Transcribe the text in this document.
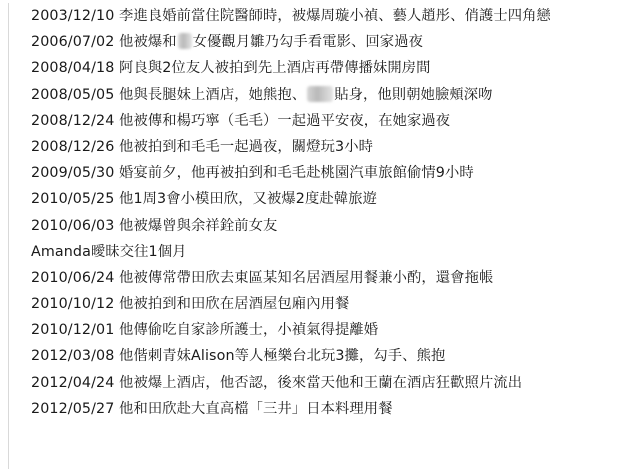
2003/12/10 李進良婚前當住院醫師時，被爆周璇小禎、藝人趙彤、俏護士四角戀
2006/07/02 他被爆和 女優觀月雛乃勾手看電影、回家過夜
2008/04/18 阿良與2位友人被拍到先上酒店再帶傳播妹開房間
2008/05/05 他與長腿妹上酒店，她熊抱、 貼身，他則朝她臉頰深吻
2008/12/24 他被傳和楊巧寧（毛毛）一起過平安夜，在她家過夜
2008/12/26 他被拍到和毛毛一起過夜，關燈玩3小時
2009/05/30 婚宴前夕，他再被拍到和毛毛赴桃園汽車旅館偷情9小時
2010/05/25 他1周3會小模田欣，又被爆2度赴韓旅遊
2010/06/03 他被爆曾與余祥銓前女友
Amanda曖昧交往1個月
2010/06/24 他被傳常帶田欣去東區某知名居酒屋用餐兼小酌，還會拖帳
2010/10/12 他被拍到和田欣在居酒屋包廂內用餐
2010/12/01 他傳偷吃自家診所護士，小禎氣得提離婚
2012/03/08 他偕刺青妹Alison等人極樂台北玩3攤，勾手、熊抱
2012/04/24 他被爆上酒店，他否認，後來當天他和王蘭在酒店狂歡照片流出
2012/05/27 他和田欣赴大直高檔「三井」日本料理用餐
